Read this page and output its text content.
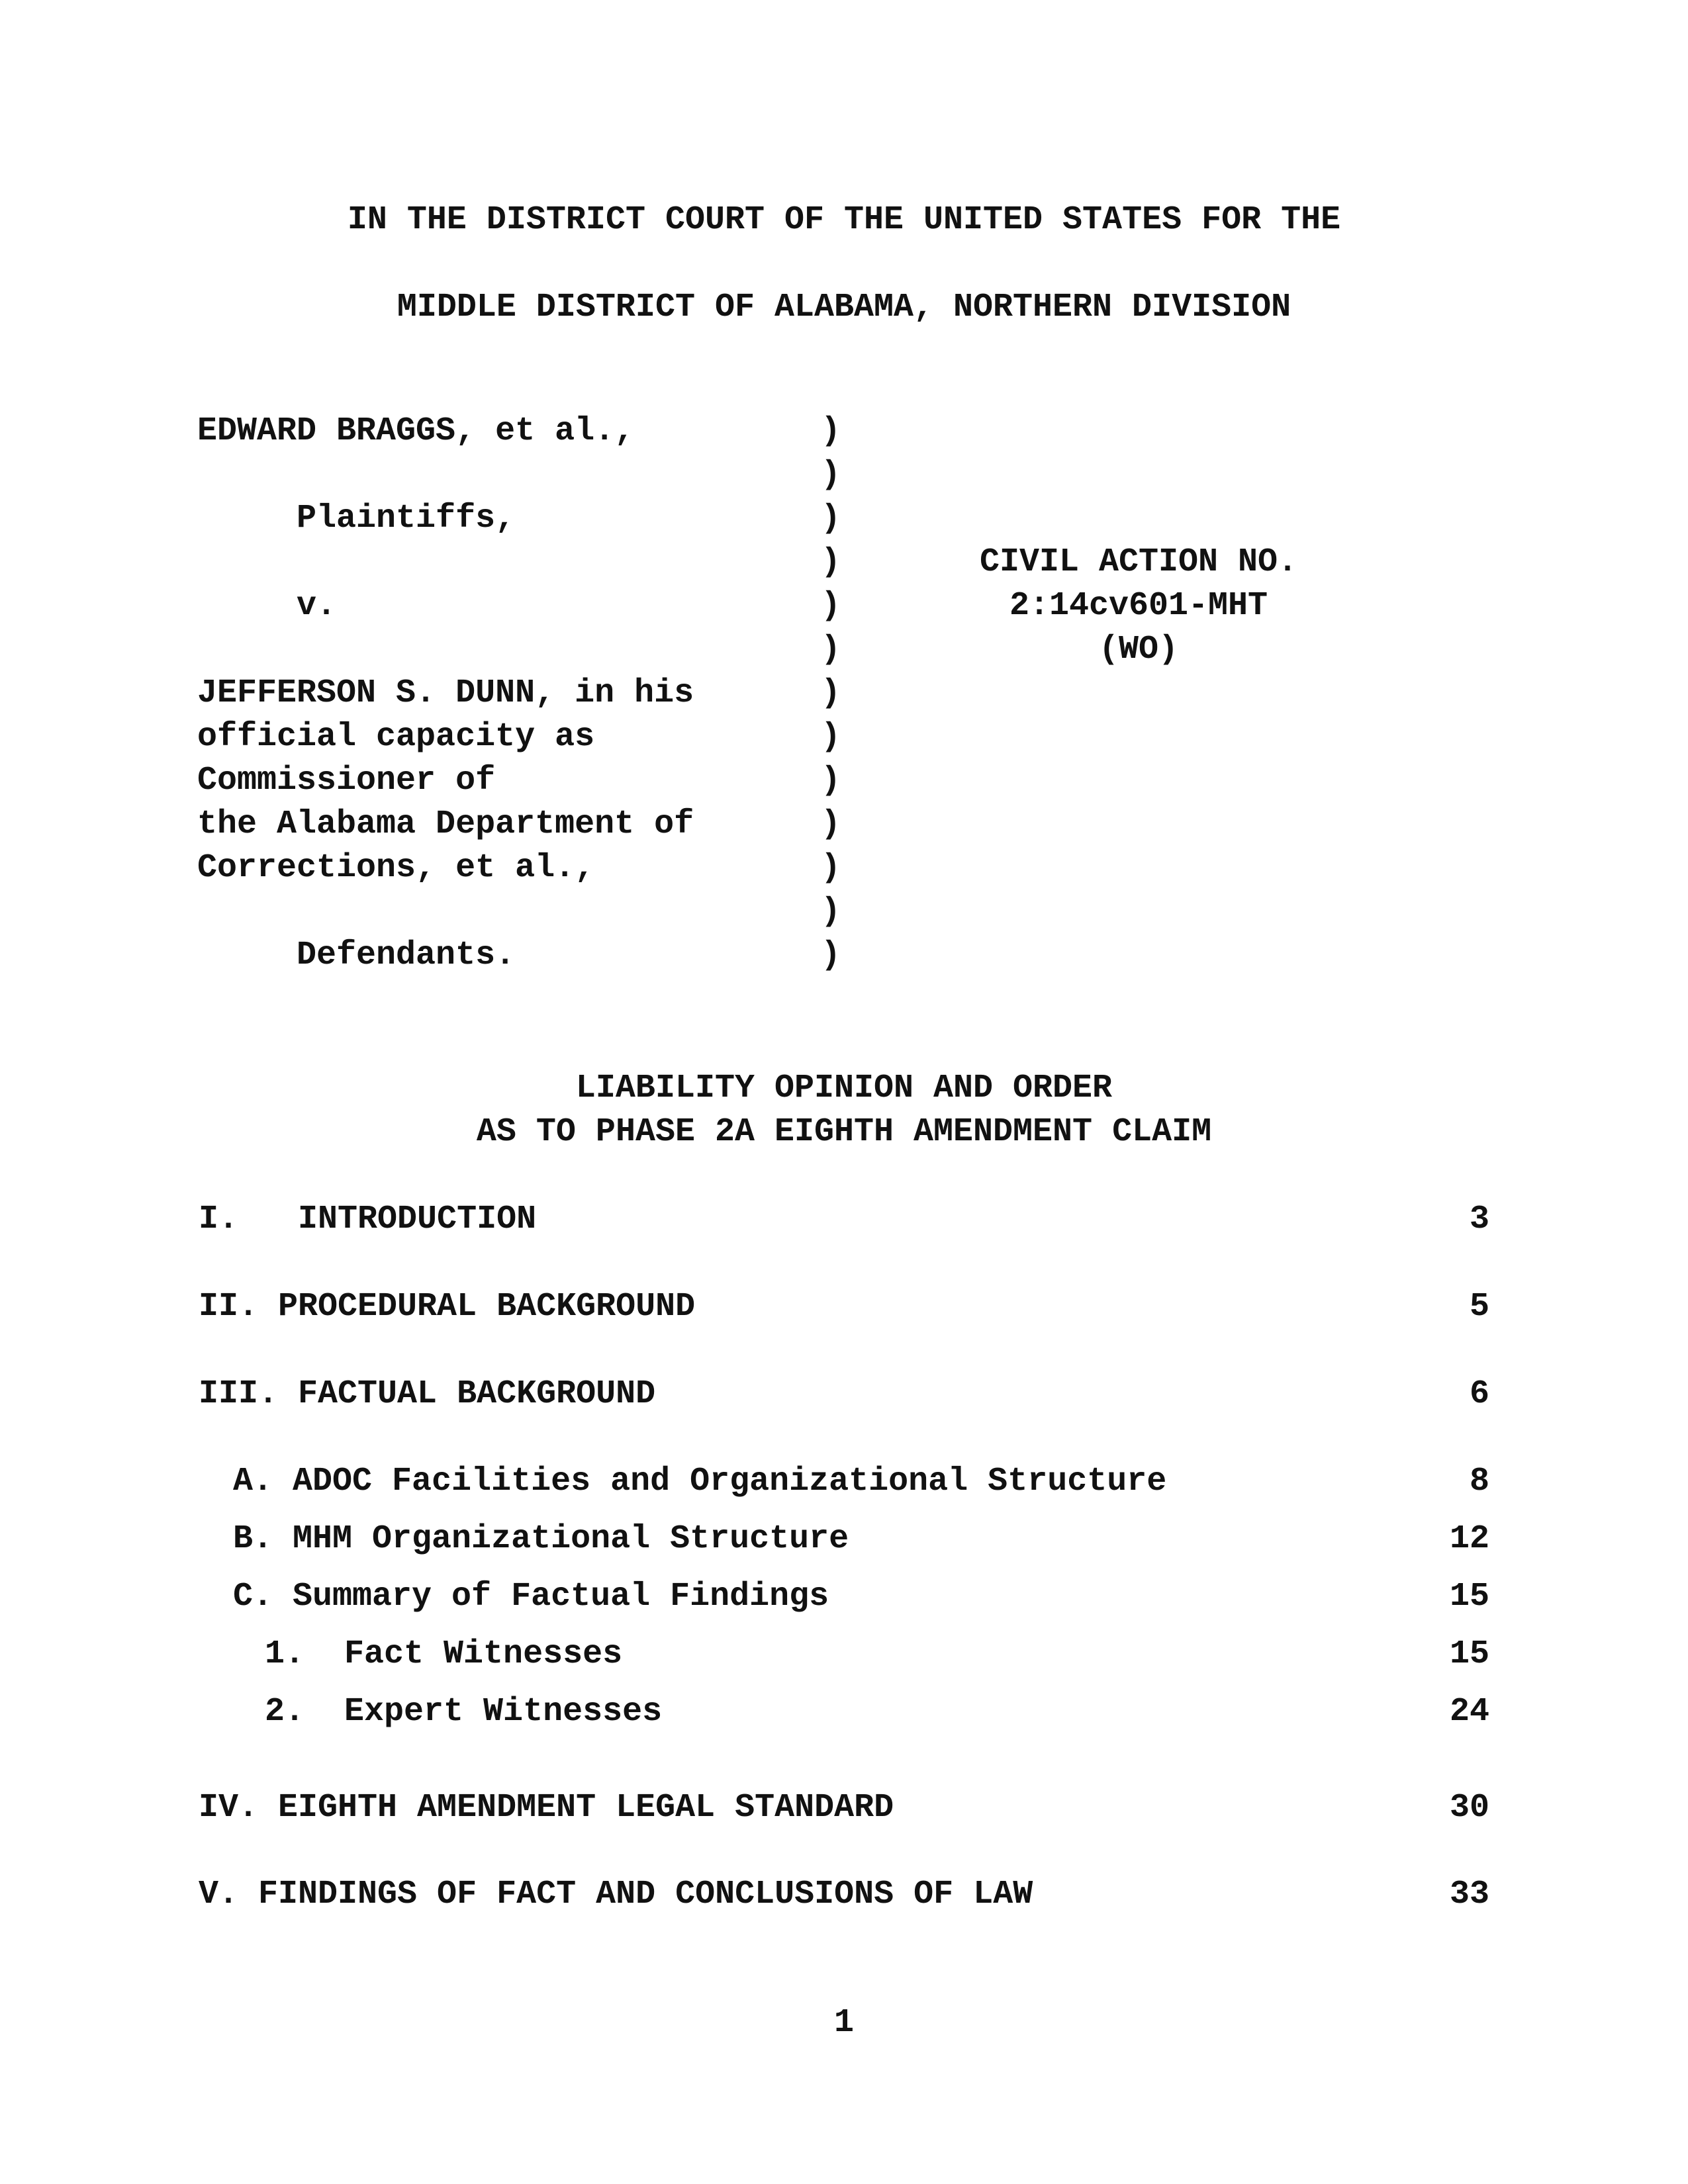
IN THE DISTRICT COURT OF THE UNITED STATES FOR THE
MIDDLE DISTRICT OF ALABAMA, NORTHERN DIVISION
EDWARD BRAGGS, et al.,
Plaintiffs,
v.
JEFFERSON S. DUNN, in his
official capacity as
Commissioner of
the Alabama Department of
Corrections, et al.,
Defendants.
)
)
)
)
)
)
)
)
)
)
)
)
)
CIVIL ACTION NO.
2:14cv601-MHT
(WO)
LIABILITY OPINION AND ORDER
AS TO PHASE 2A EIGHTH AMENDMENT CLAIM
I.   INTRODUCTION	3
II. PROCEDURAL BACKGROUND	5
III. FACTUAL BACKGROUND	6
A. ADOC Facilities and Organizational Structure	8
B. MHM Organizational Structure	12
C. Summary of Factual Findings	15
1.  Fact Witnesses	15
2.  Expert Witnesses	24
IV. EIGHTH AMENDMENT LEGAL STANDARD	30
V. FINDINGS OF FACT AND CONCLUSIONS OF LAW	33
1
